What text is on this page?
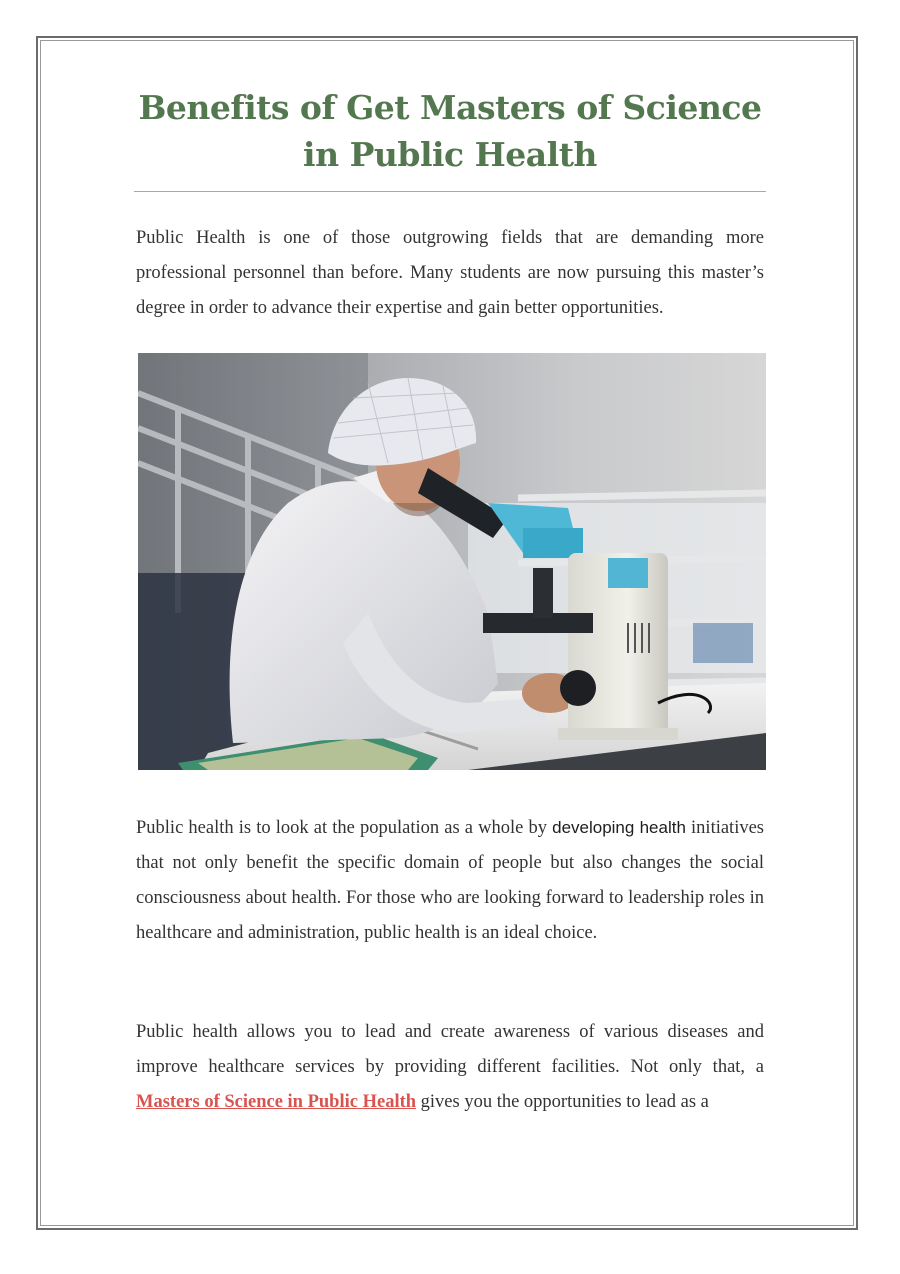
Benefits of Get Masters of Science in Public Health

Public Health is one of those outgrowing fields that are demanding more professional personnel than before. Many students are now pursuing this master’s degree in order to advance their expertise and gain better opportunities.

Public health is to look at the population as a whole by developing health initiatives that not only benefit the specific domain of people but also changes the social consciousness about health. For those who are looking forward to leadership roles in healthcare and administration, public health is an ideal choice.

Public health allows you to lead and create awareness of various diseases and improve healthcare services by providing different facilities. Not only that, a Masters of Science in Public Health gives you the opportunities to lead as a
